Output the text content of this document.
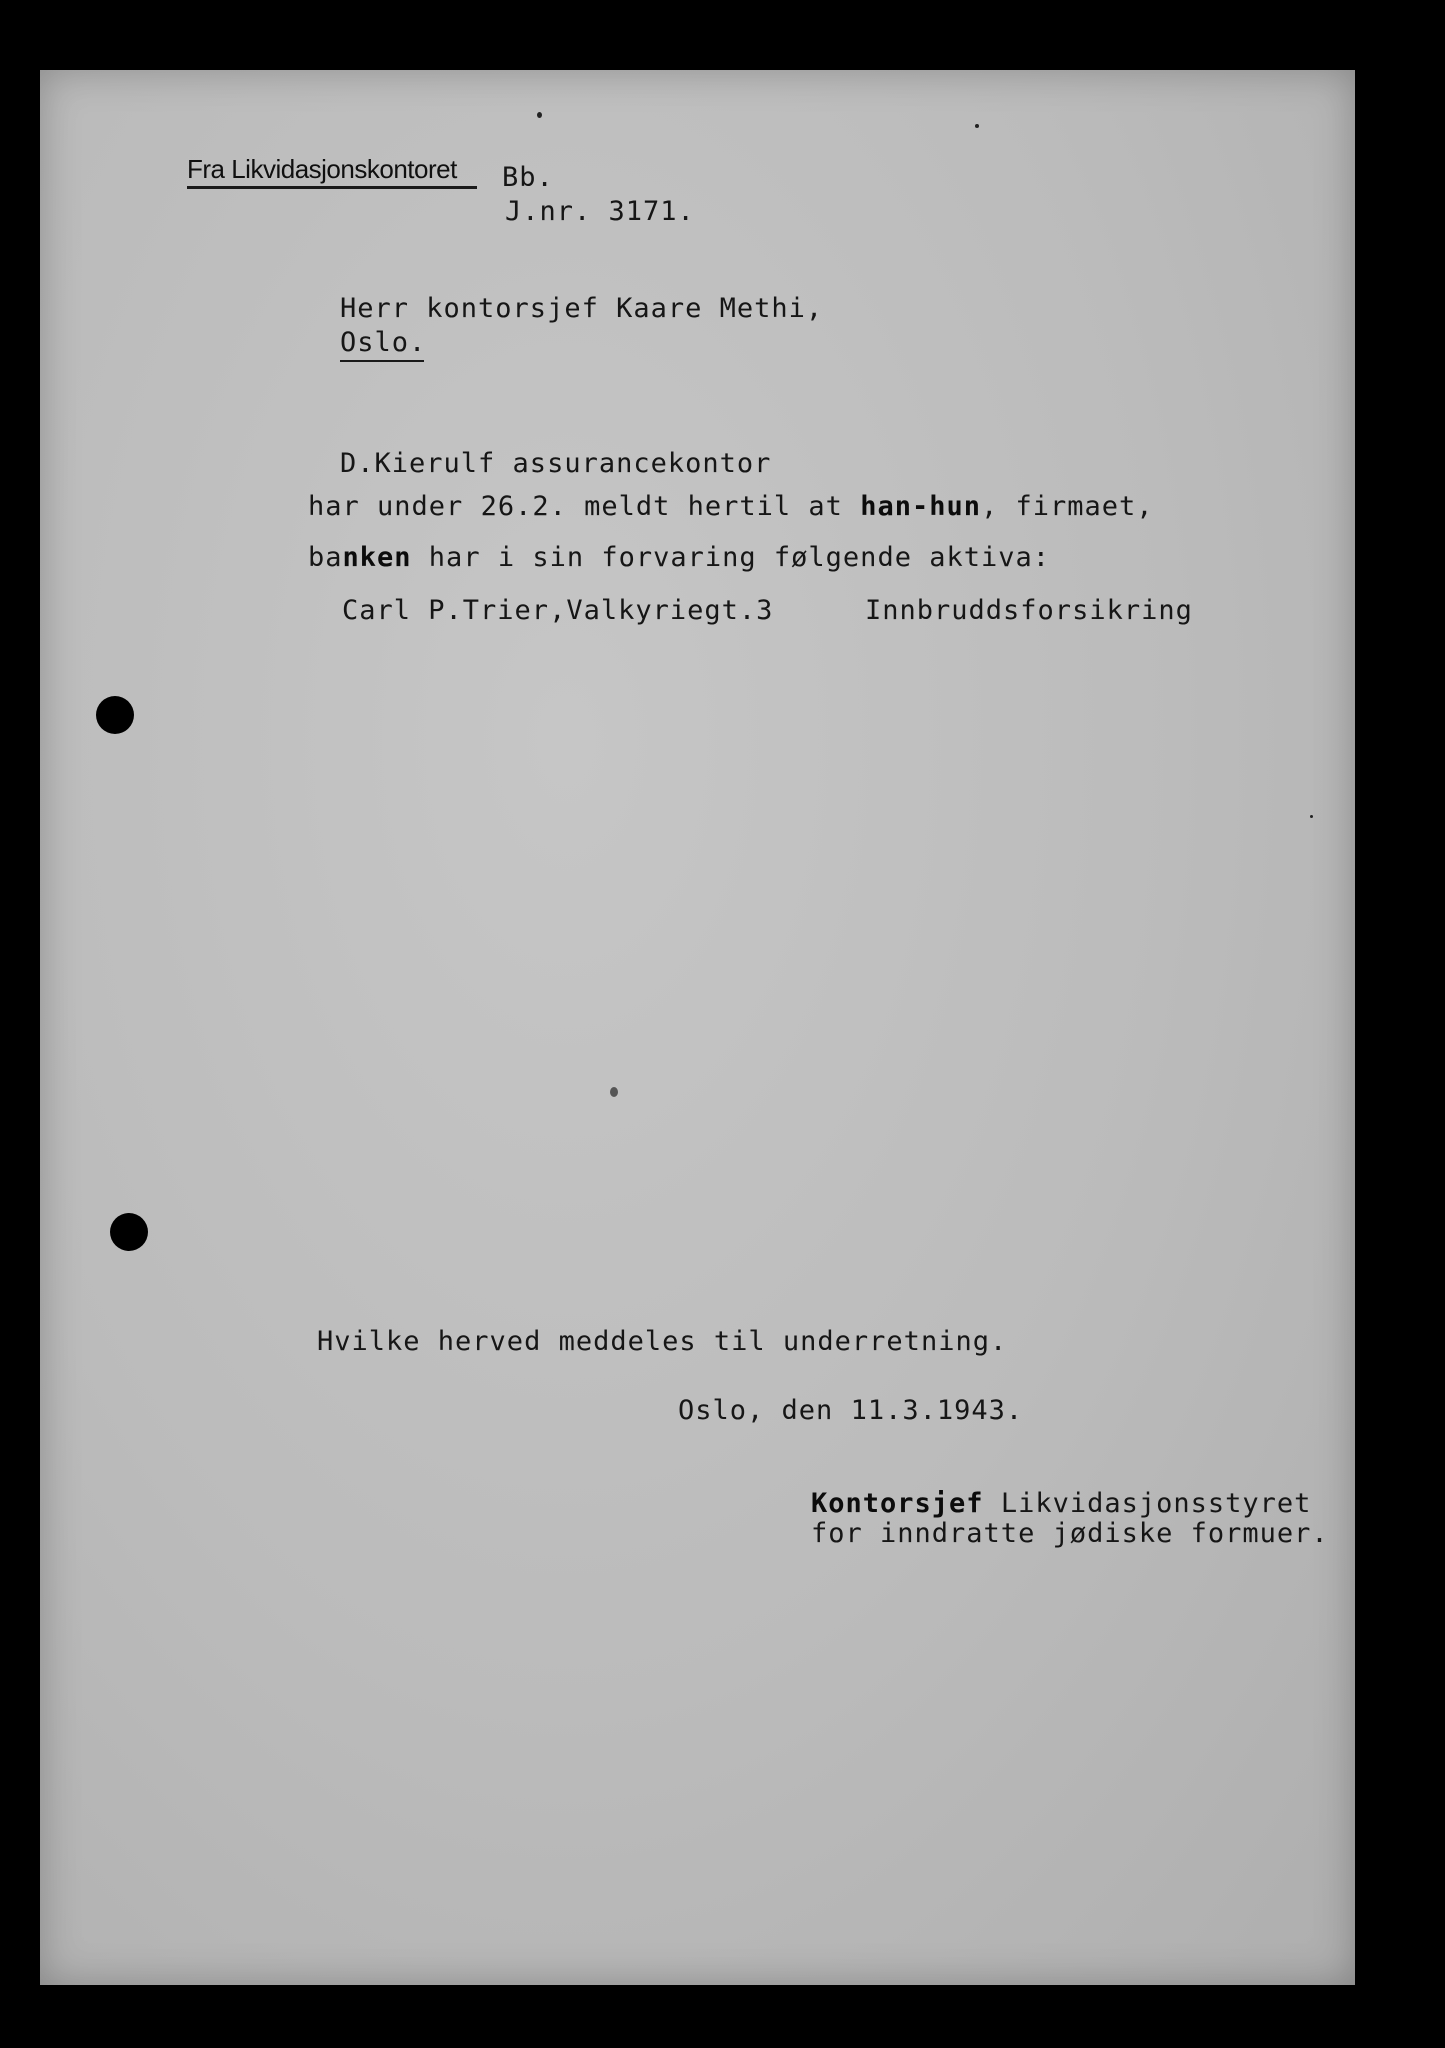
Fra Likvidasjonskontoret Bb.
J.nr. 3171.
Herr kontorsjef Kaare Methi,
Oslo.
D.Kierulf assurancekontor
har under 26.2. meldt hertil at han-hun, firmaet,
banken har i sin forvaring følgende aktiva:
Carl P.Trier,Valkyriegt.3	Innbruddsforsikring
Hvilke herved meddeles til underretning.
Oslo, den 11.3.1943.
Kontorsjef Likvidasjonsstyret
for inndratte jødiske formuer.
